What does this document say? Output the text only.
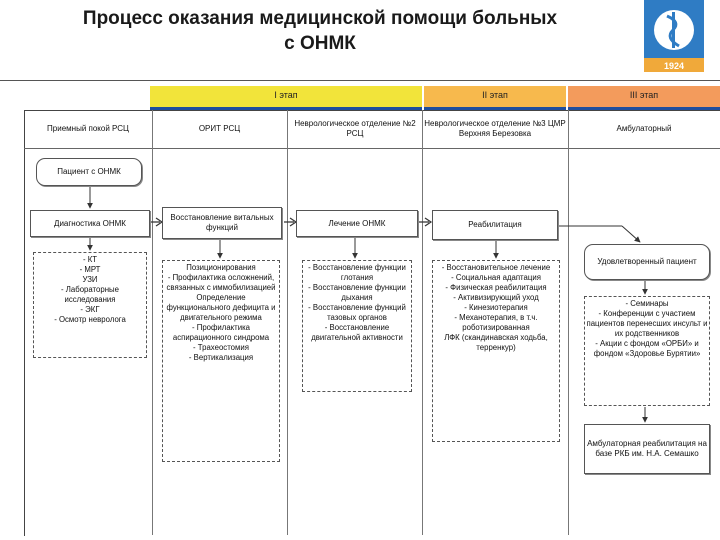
Процесс оказания медицинской помощи больных
с ОНМК
1924
I этап	II этап	III этап
Приемный покой РСЦ	ОРИТ РСЦ
Неврологическое отделение №2 РСЦ
Неврологическое отделение №3 ЦМР Верхняя Березовка
Амбулаторный
Пациент с ОНМК
Диагностика ОНМК
Восстановление витальных функций	Лечение ОНМК	Реабилитация
Удовлетворенный пациент
Амбулаторная реабилитация на базе РКБ им. Н.А. Семашко
- КТ
- МРТ
УЗИ
- Лабораторные исследования
- ЭКГ
- Осмотр невролога
Позиционирования
- Профилактика осложнений, связанных с иммобилизацией
Определение функционального дефицита и двигательного режима
- Профилактика аспирационного синдрома
- Трахеостомия
- Вертикализация
- Восстановление функции глотания
- Восстановление функции дыхания
- Восстановление функций тазовых органов
- Восстановление двигательной активности
- Восстановительное лечение
- Социальная адаптация
- Физическая реабилитация
- Активизирующий уход
- Кинезиотерапия
- Механотерапия, в т.ч. роботизированная
ЛФК (скандинавская ходьба, терренкур)
- Семинары
- Конференции с участием пациентов перенесших инсульт и их родственников
- Акции с фондом «ОРБИ» и фондом «Здоровье Бурятии»
